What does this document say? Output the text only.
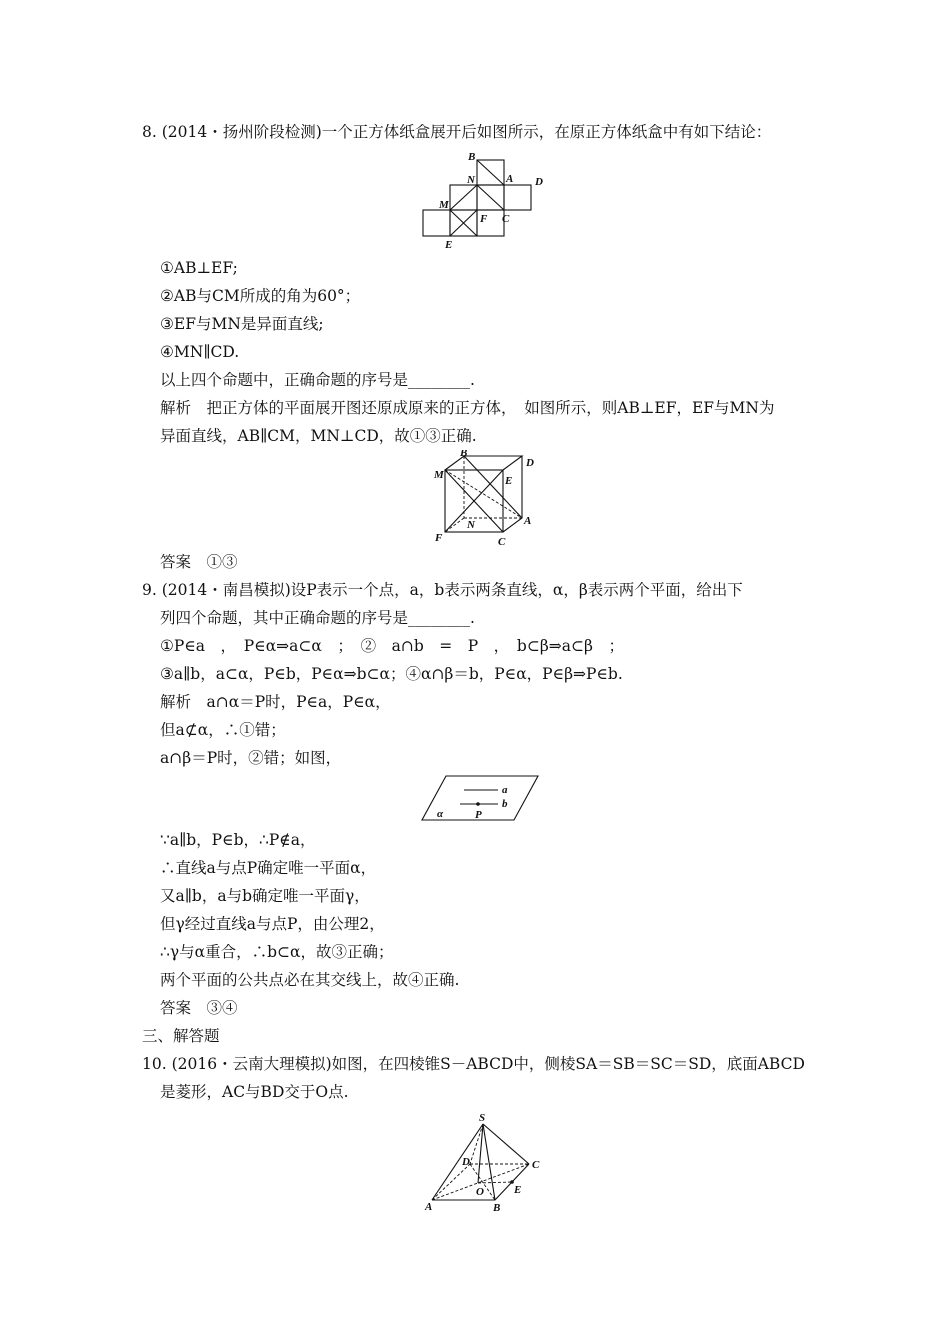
8. (2014・扬州阶段检测)一个正方体纸盒展开后如图所示，在原正方体纸盒中有如下结论：
B
N	A D
M
F C
E
①AB⊥EF;
②AB与CM所成的角为60°；
③EF与MN是异面直线;
④MN∥CD.
以上四个命题中，正确命题的序号是________.
解析　把正方体的平面展开图还原成原来的正方体，　如图所示，则AB⊥EF，EF与MN为
异面直线，AB∥CM，MN⊥CD，故①③正确.
B
D
M	E
N	A
F	C
答案　①③
9. (2014・南昌模拟)设P表示一个点，a，b表示两条直线，α，β表示两个平面，给出下
列四个命题，其中正确命题的序号是________.
①P∈a　，　P∈α⇒a⊂α　；　②　a∩b　=　P　，　b⊂β⇒a⊂β　；
③a∥b，a⊂α，P∈b，P∈α⇒b⊂α；④α∩β＝b，P∈α，P∈β⇒P∈b.
解析　a∩α＝P时，P∈a，P∈α，
但a⊄α，∴①错；
a∩β＝P时，②错；如图，
a
b
α	P
∵a∥b，P∈b，∴P∉a，
∴直线a与点P确定唯一平面α，
又a∥b，a与b确定唯一平面γ，
但γ经过直线a与点P，由公理2，
∴γ与α重合，∴b⊂α，故③正确；
两个平面的公共点必在其交线上，故④正确.
答案　③④
三、解答题
10. (2016・云南大理模拟)如图，在四棱锥S－ABCD中，侧棱SA＝SB＝SC＝SD，底面ABCD
是菱形，AC与BD交于O点.
S
D	C
O	E
A	B
